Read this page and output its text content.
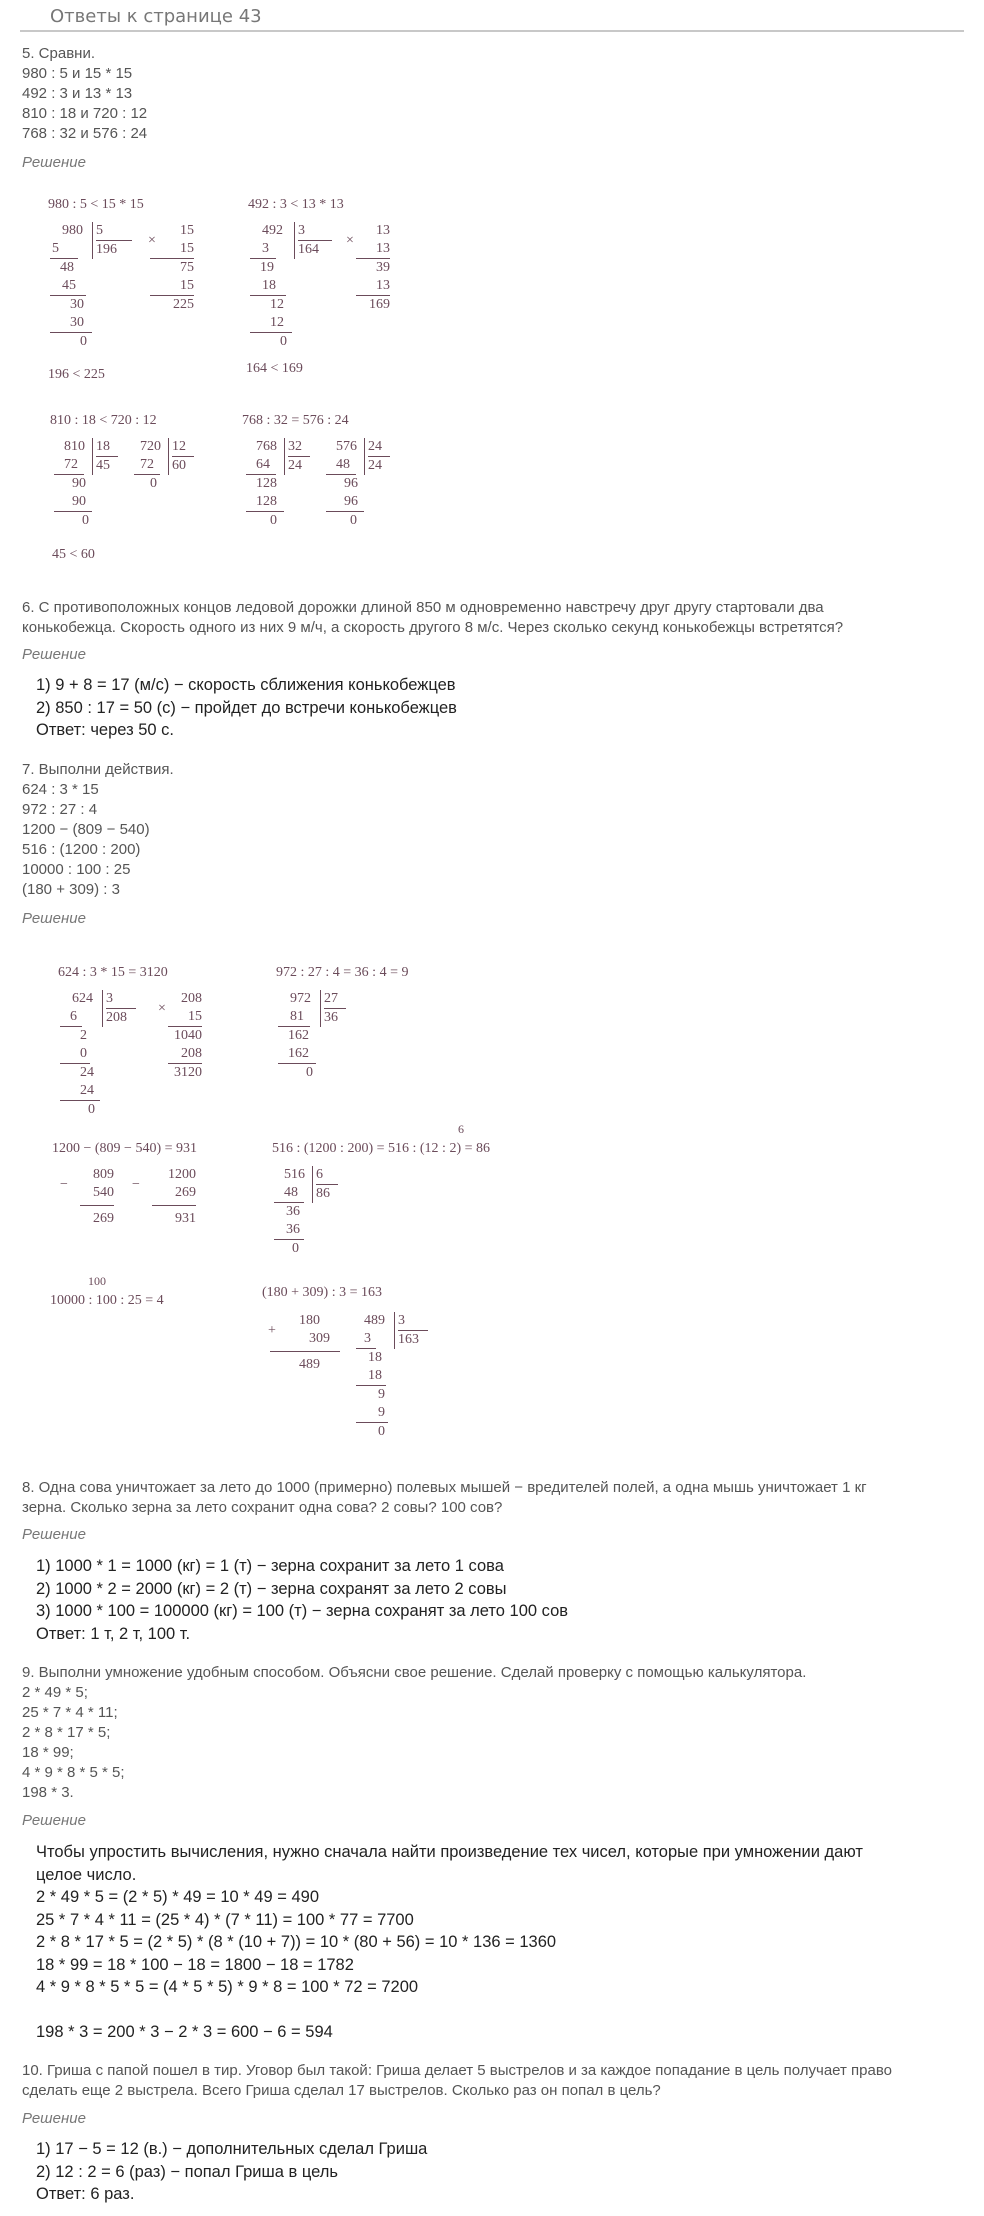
Ответы к странице 43
5. Сравни.
980 : 5 и 15 * 15
492 : 3 и 13 * 13
810 : 18 и 720 : 12
768 : 32 и 576 : 24
Решение
980 : 5 < 15 * 15
980
5
48
45
30
30
0
5
196
15
15
75
15
225
×
196 < 225
492 : 3 < 13 * 13
492
3
19
18
12
12
0
3
164
13
13
39
13
169
×
164 < 169
810 : 18 < 720 : 12
810
72
90
90
0
18
45
720
72
0
12
60
45 < 60
768 : 32 = 576 : 24
768
64
128
128
0
32
24
576
48
96
96
0
24
24
6. С противоположных концов ледовой дорожки длиной 850 м одновременно навстречу друг другу стартовали два
конькобежца. Скорость одного из них 9 м/ч, а скорость другого 8 м/с. Через сколько секунд конькобежцы встретятся?
Решение
1) 9 + 8 = 17 (м/с) − скорость сближения конькобежцев
2) 850 : 17 = 50 (с) − пройдет до встречи конькобежцев
Ответ: через 50 с.
7. Выполни действия.
624 : 3 * 15
972 : 27 : 4
1200 − (809 − 540)
516 : (1200 : 200)
10000 : 100 : 25
(180 + 309) : 3
Решение
624 : 3 * 15 = 3120
624
6
2
0
24
24
0
3
208
208
15
1040
208
3120
×
972 : 27 : 4 = 36 : 4 = 9
972
81
162
162
0
27
36
1200 − (809 − 540) = 931
809
540
269
−
1200
269
931
−
6
516 : (1200 : 200) = 516 : (12 : 2) = 86
516
48
36
36
0
6
86
100
10000 : 100 : 25 = 4
(180 + 309) : 3 = 163
180
309
489
+
489
3
18
18
9
9
0
3
163
8. Одна сова уничтожает за лето до 1000 (примерно) полевых мышей − вредителей полей, а одна мышь уничтожает 1 кг
зерна. Сколько зерна за лето сохранит одна сова? 2 совы? 100 сов?
Решение
1) 1000 * 1 = 1000 (кг) = 1 (т) − зерна сохранит за лето 1 сова
2) 1000 * 2 = 2000 (кг) = 2 (т) − зерна сохранят за лето 2 совы
3) 1000 * 100 = 100000 (кг) = 100 (т) − зерна сохранят за лето 100 сов
Ответ: 1 т, 2 т, 100 т.
9. Выполни умножение удобным способом. Объясни свое решение. Сделай проверку с помощью калькулятора.
2 * 49 * 5;
25 * 7 * 4 * 11;
2 * 8 * 17 * 5;
18 * 99;
4 * 9 * 8 * 5 * 5;
198 * 3.
Решение
Чтобы упростить вычисления, нужно сначала найти произведение тех чисел, которые при умножении дают
целое число.
2 * 49 * 5 = (2 * 5) * 49 = 10 * 49 = 490
25 * 7 * 4 * 11 = (25 * 4) * (7 * 11) = 100 * 77 = 7700
2 * 8 * 17 * 5 = (2 * 5) * (8 * (10 + 7)) = 10 * (80 + 56) = 10 * 136 = 1360
18 * 99 = 18 * 100 − 18 = 1800 − 18 = 1782
4 * 9 * 8 * 5 * 5 = (4 * 5 * 5) * 9 * 8 = 100 * 72 = 7200
198 * 3 = 200 * 3 − 2 * 3 = 600 − 6 = 594
10. Гриша с папой пошел в тир. Уговор был такой: Гриша делает 5 выстрелов и за каждое попадание в цель получает право
сделать еще 2 выстрела. Всего Гриша сделал 17 выстрелов. Сколько раз он попал в цель?
Решение
1) 17 − 5 = 12 (в.) − дополнительных сделал Гриша
2) 12 : 2 = 6 (раз) − попал Гриша в цель
Ответ: 6 раз.
